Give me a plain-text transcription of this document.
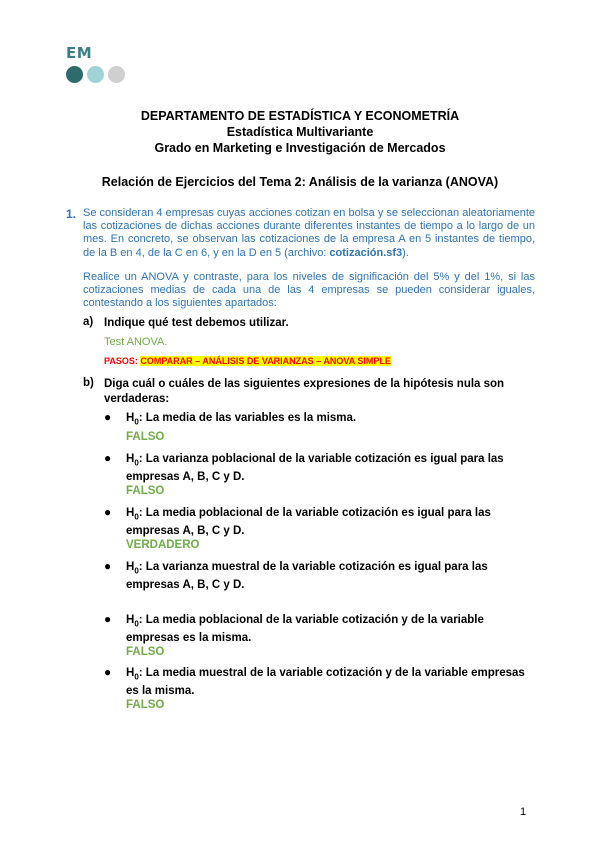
EM
DEPARTAMENTO DE ESTADÍSTICA Y ECONOMETRÍA
Estadística Multivariante
Grado en Marketing e Investigación de Mercados
Relación de Ejercicios del Tema 2: Análisis de la varianza (ANOVA)
1. Se consideran 4 empresas cuyas acciones cotizan en bolsa y se seleccionan aleatoriamente las cotizaciones de dichas acciones durante diferentes instantes de tiempo a lo largo de un mes. En concreto, se observan las cotizaciones de la empresa A en 5 instantes de tiempo, de la B en 4, de la C en 6, y en la D en 5 (archivo: cotización.sf3).

Realice un ANOVA y contraste, para los niveles de significación del 5% y del 1%, si las cotizaciones medias de cada una de las 4 empresas se pueden considerar iguales, contestando a los siguientes apartados:

a) Indique qué test debemos utilizar.
Test ANOVA.
PASOS: COMPARAR – ANÁLISIS DE VARIANZAS – ANOVA SIMPLE
b) Diga cuál o cuáles de las siguientes expresiones de la hipótesis nula son verdaderas:
● $H_0$: La media de las variables es la misma.
FALSO
● $H_0$: La varianza poblacional de la variable cotización es igual para las empresas A, B, C y D.
FALSO
● $H_0$: La media poblacional de la variable cotización es igual para las empresas A, B, C y D.
VERDADERO
● $H_0$: La varianza muestral de la variable cotización es igual para las empresas A, B, C y D.
● $H_0$: La media poblacional de la variable cotización y de la variable empresas es la misma.
FALSO
● $H_0$: La media muestral de la variable cotización y de la variable empresas es la misma.
FALSO
1
